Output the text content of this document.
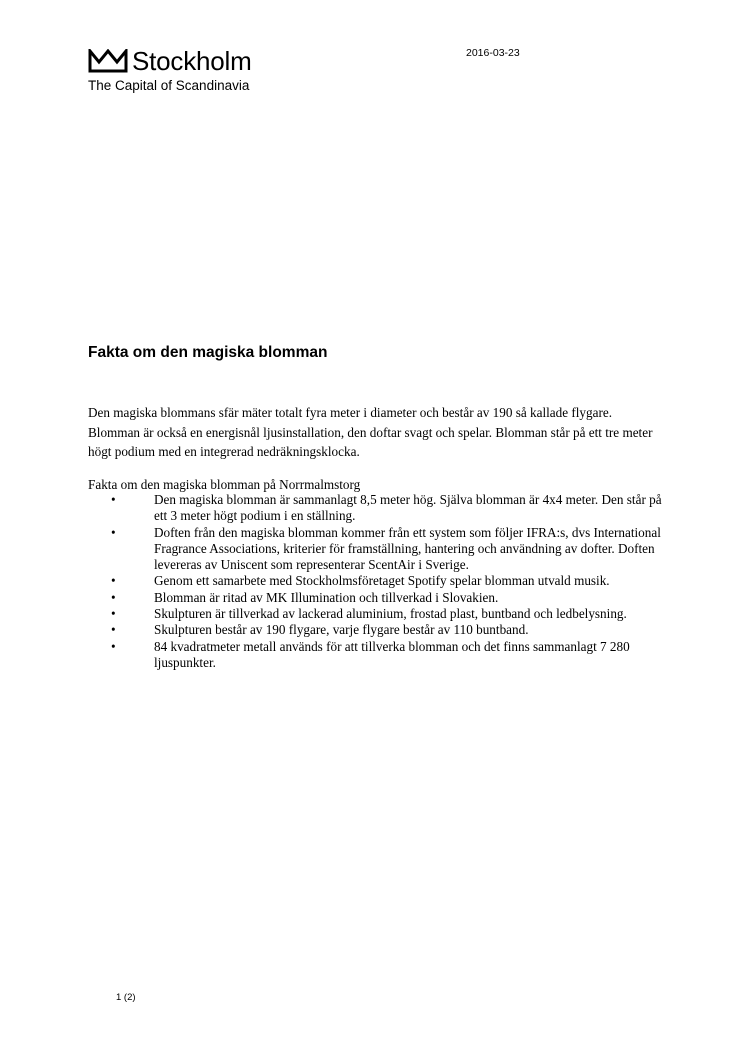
Stockholm
The Capital of Scandinavia
2016-03-23
Fakta om den magiska blomman

Den magiska blommans sfär mäter totalt fyra meter i diameter och består av 190 så kallade flygare. Blomman är också en energisnål ljusinstallation, den doftar svagt och spelar. Blomman står på ett tre meter högt podium med en integrerad nedräkningsklocka.

Fakta om den magiska blomman på Norrmalmstorg

•	Den magiska blomman är sammanlagt 8,5 meter hög. Själva blomman är 4x4 meter. Den står på ett 3 meter högt podium i en ställning.
•	Doften från den magiska blomman kommer från ett system som följer IFRA:s, dvs International Fragrance Associations, kriterier för framställning, hantering och användning av dofter. Doften levereras av Uniscent som representerar ScentAir i Sverige.
•	Genom ett samarbete med Stockholmsföretaget Spotify spelar blomman utvald musik.
•	Blomman är ritad av MK Illumination och tillverkad i Slovakien.
•	Skulpturen är tillverkad av lackerad aluminium, frostad plast, buntband och ledbelysning.
•	Skulpturen består av 190 flygare, varje flygare består av 110 buntband.
•	84 kvadratmeter metall används för att tillverka blomman och det finns sammanlagt 7 280 ljuspunkter.
1 (2)
